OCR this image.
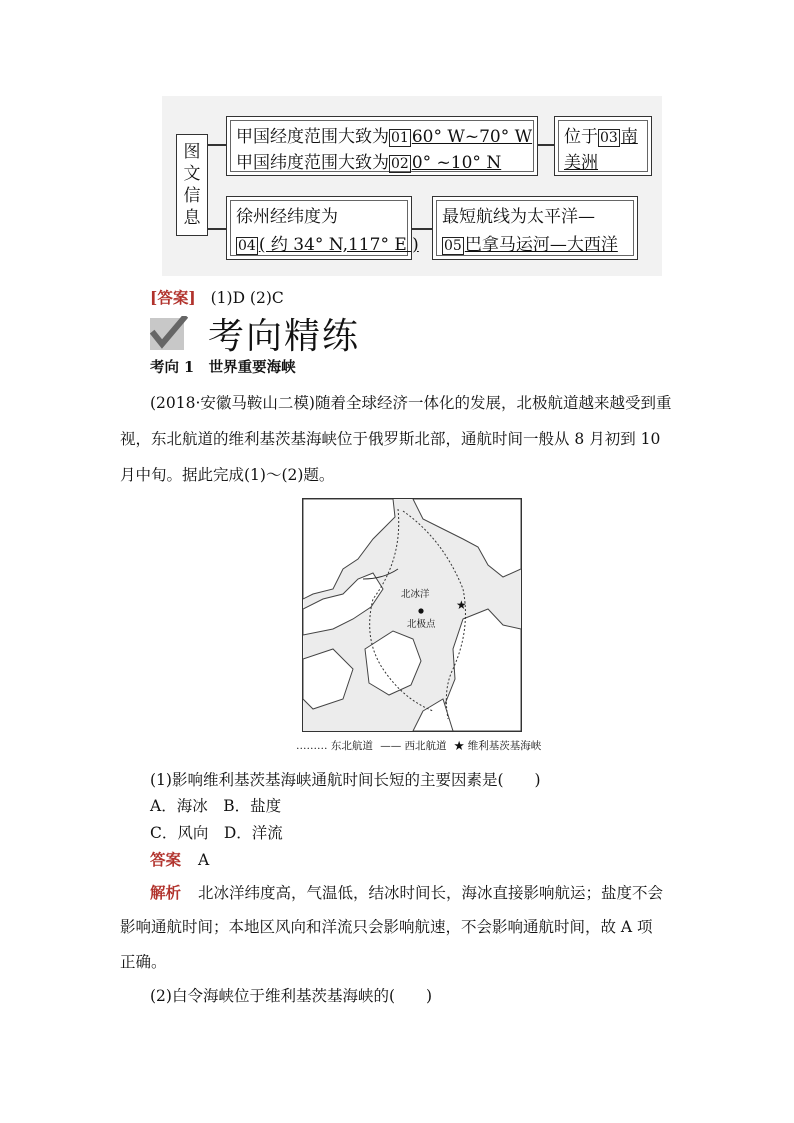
图
文
信
息
甲国经度范围大致为 01 60° W~70° W
甲国纬度范围大致为 02 0° ~10° N
位于 03 南
美洲
徐州经纬度为
04 ( 约 34° N,117° E )
最短航线为太平洋—
05 巴拿马运河—大西洋
[答案] (1)D (2)C
考向精练
考向 1　世界重要海峡
(2018·安徽马鞍山二模)随着全球经济一体化的发展，北极航道越来越受到重
视，东北航道的维利基茨基海峡位于俄罗斯北部，通航时间一般从 8 月初到 10
月中旬。据此完成(1)～(2)题。
★
北冰洋
北极点
……… 东北航道 —— 西北航道 ★ 维利基茨基海峡
(1)影响维利基茨基海峡通航时间长短的主要因素是(　　)
A．海冰　B．盐度
C．风向　D．洋流
答案 A
解析 北冰洋纬度高，气温低，结冰时间长，海冰直接影响航运；盐度不会
影响通航时间；本地区风向和洋流只会影响航速，不会影响通航时间，故 A 项
正确。
(2)白令海峡位于维利基茨基海峡的(　　)
